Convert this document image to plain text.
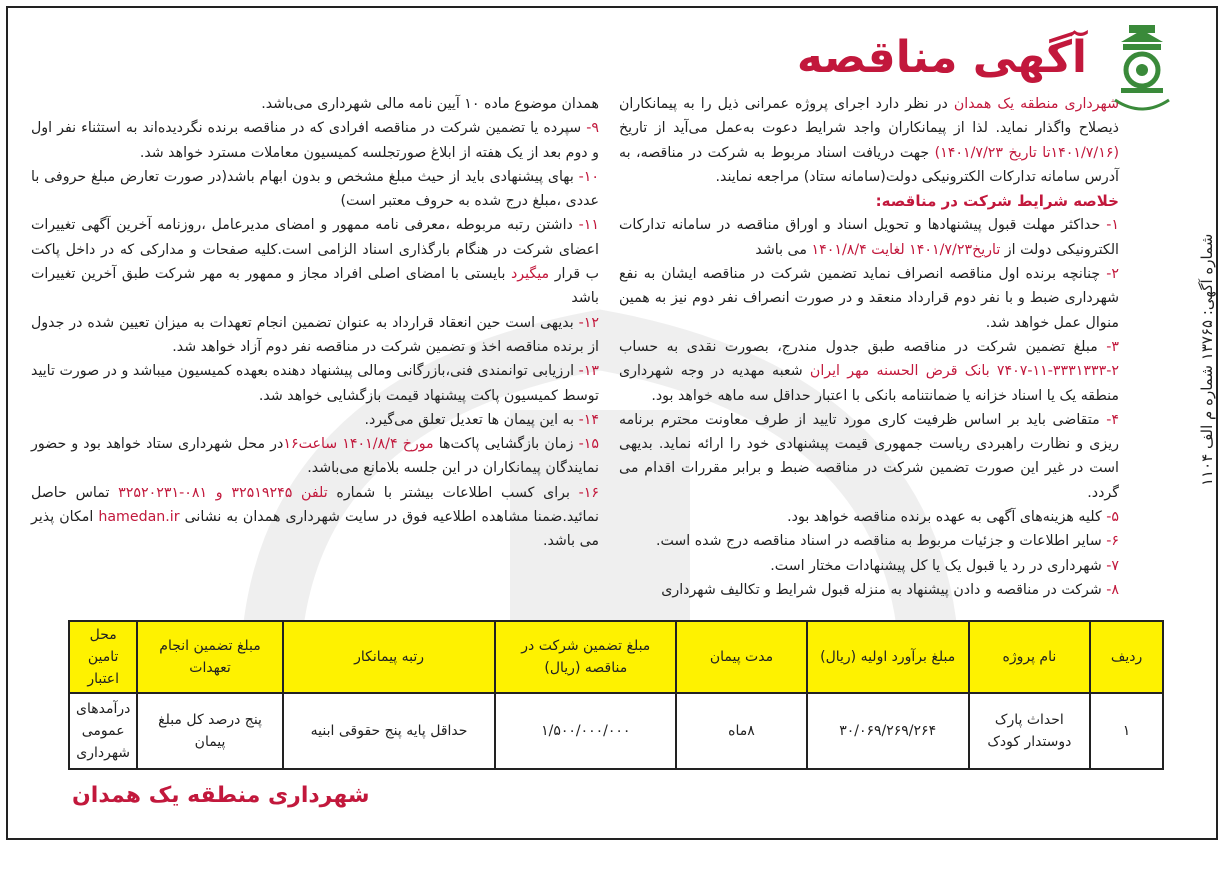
شماره آگهی: ۱۳۷۶۵ شماره م الف ۱۱۰۴
آگهی مناقصه

شهرداری منطقه یک همدان در نظر دارد اجرای پروژه عمرانی ذیل را به پیمانکاران ذیصلاح واگذار نماید. لذا از پیمانکاران واجد شرایط دعوت به‌عمل می‌آید از تاریخ (۱۴۰۱/۷/۱۶تا تاریخ ۱۴۰۱/۷/۲۳) جهت دریافت اسناد مربوط به شرکت در مناقصه، به آدرس سامانه تدارکات الکترونیکی دولت(سامانه ستاد) مراجعه نمایند.

خلاصه شرایط شرکت در مناقصه:

۱- حداکثر مهلت قبول پیشنهادها و تحویل اسناد و اوراق مناقصه در سامانه تدارکات الکترونیکی دولت از تاریخ۱۴۰۱/۷/۲۳ لغایت ۱۴۰۱/۸/۴ می باشد

۲- چنانچه برنده اول مناقصه انصراف نماید تضمین شرکت در مناقصه ایشان به نفع شهرداری ضبط و با نفر دوم قرارداد منعقد و در صورت انصراف نفر دوم نیز به همین منوال عمل خواهد شد.

۳- مبلغ تضمین شرکت در مناقصه طبق جدول مندرج، بصورت نقدی به حساب ۲-۳۳۳۱۳۳۳-۱۱-۷۴۰۷ بانک قرض الحسنه مهر ایران شعبه مهدیه در وجه شهرداری منطقه یک یا اسناد خزانه یا ضمانتنامه بانکی با اعتبار حداقل سه ماهه خواهد بود.

۴- متقاضی باید بر اساس ظرفیت کاری مورد تایید از طرف معاونت محترم برنامه ریزی و نظارت راهبردی ریاست جمهوری قیمت پیشنهادی خود را ارائه نماید. بدیهی است در غیر این صورت تضمین شرکت در مناقصه ضبط و برابر مقررات اقدام می گردد.

۵- کلیه هزینه‌های آگهی به عهده برنده مناقصه خواهد بود.

۶- سایر اطلاعات و جزئیات مربوط به مناقصه در اسناد مناقصه درج شده است.

۷- شهرداری در رد یا قبول یک یا کل پیشنهادات مختار است.

۸- شرکت در مناقصه و دادن پیشنهاد به منزله قبول شرایط و تکالیف شهرداری

همدان موضوع ماده ۱۰ آیین نامه مالی شهرداری می‌باشد.

۹- سپرده یا تضمین شرکت در مناقصه افرادی که در مناقصه برنده نگردیده‌اند به استثناء نفر اول و دوم بعد از یک هفته از ابلاغ صورتجلسه کمیسیون معاملات مسترد خواهد شد.

۱۰- بهای پیشنهادی باید از حیث مبلغ مشخص و بدون ابهام باشد(در صورت تعارض مبلغ حروفی با عددی ،مبلغ درج شده به حروف معتبر است)

۱۱- داشتن رتبه مربوطه ،معرفی نامه ممهور و امضای مدیرعامل ،روزنامه آخرین آگهی تغییرات اعضای شرکت در هنگام بارگذاری اسناد الزامی است.کلیه صفحات و مدارکی که در داخل پاکت ب قرار میگیرد بایستی با امضای اصلی افراد مجاز و ممهور به مهر شرکت طبق آخرین تغییرات باشد

۱۲- بدیهی است حین انعقاد قرارداد به عنوان تضمین انجام تعهدات به میزان تعیین شده در جدول از برنده مناقصه اخذ و تضمین شرکت در مناقصه نفر دوم آزاد خواهد شد.

۱۳- ارزیابی توانمندی فنی،بازرگانی ومالی پیشنهاد دهنده بعهده کمیسیون میباشد و در صورت تایید توسط کمیسیون پاکت پیشنهاد قیمت بازگشایی خواهد شد.

۱۴- به این پیمان ها تعدیل تعلق می‌گیرد.

۱۵- زمان بازگشایی پاکت‌ها مورخ ۱۴۰۱/۸/۴ ساعت۱۶در محل شهرداری ستاد خواهد بود و حضور نمایندگان پیمانکاران در این جلسه بلامانع می‌باشد.

۱۶- برای کسب اطلاعات بیشتر با شماره تلفن ۳۲۵۱۹۲۴۵ و ۰۸۱-۳۲۵۲۰۲۳۱ تماس حاصل نمائید.ضمنا مشاهده اطلاعیه فوق در سایت شهرداری همدان به نشانی hamedan.ir امکان پذیر می باشد.

ردیف	نام پروژه	مبلغ برآورد اولیه (ریال)	مدت پیمان	مبلغ تضمین شرکت در مناقصه (ریال)	رتبه پیمانکار	مبلغ تضمین انجام تعهدات	محل تامین اعتبار
۱	احداث پارک دوستدار کودک	۳۰/۰۶۹/۲۶۹/۲۶۴	۸ماه	۱/۵۰۰/۰۰۰/۰۰۰	حداقل پایه پنج حقوقی ابنیه	پنج درصد کل مبلغ پیمان	درآمدهای عمومی شهرداری
شهرداری منطقه یک همدان
